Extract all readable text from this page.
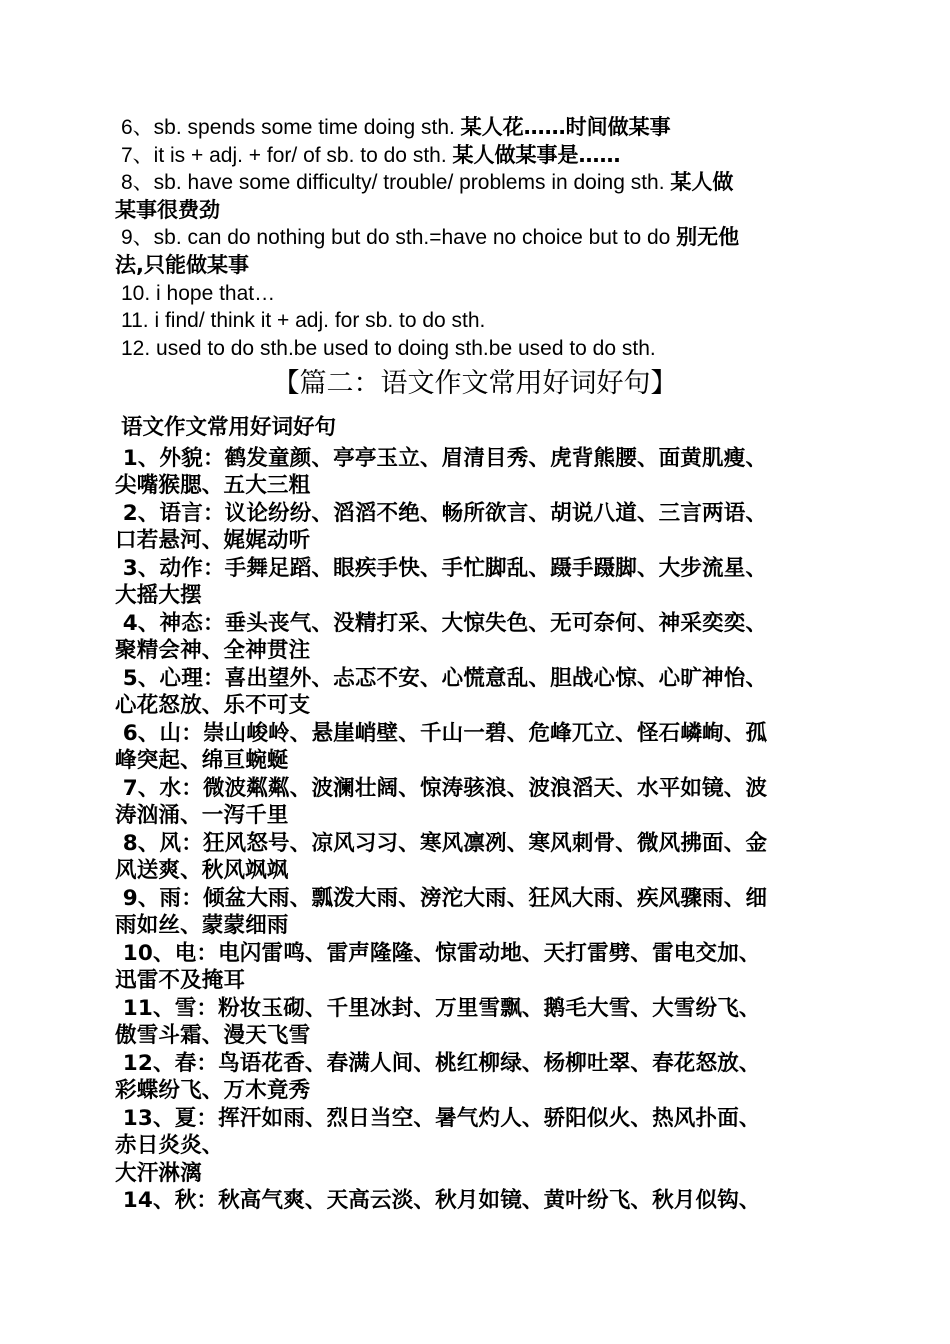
6、sb. spends some time doing sth. 某人花……时间做某事
7、it is + adj. + for/ of sb. to do sth. 某人做某事是……
8、sb. have some difficulty/ trouble/ problems in doing sth. 某人做
某事很费劲
9、sb. can do nothing but do sth.=have no choice but to do 别无他
法,只能做某事
10. i hope that…
11. i find/ think it + adj. for sb. to do sth.
12. used to do sth.be used to doing sth.be used to do sth.
【篇二：语文作文常用好词好句】
语文作文常用好词好句
1、外貌：鹤发童颜、亭亭玉立、眉清目秀、虎背熊腰、面黄肌瘦、
尖嘴猴腮、五大三粗
2、语言：议论纷纷、滔滔不绝、畅所欲言、胡说八道、三言两语、
口若悬河、娓娓动听
3、动作：手舞足蹈、眼疾手快、手忙脚乱、蹑手蹑脚、大步流星、
大摇大摆
4、神态：垂头丧气、没精打采、大惊失色、无可奈何、神采奕奕、
聚精会神、全神贯注
5、心理：喜出望外、忐忑不安、心慌意乱、胆战心惊、心旷神怡、
心花怒放、乐不可支
6、山：崇山峻岭、悬崖峭壁、千山一碧、危峰兀立、怪石嶙峋、孤
峰突起、绵亘蜿蜒
7、水：微波粼粼、波澜壮阔、惊涛骇浪、波浪滔天、水平如镜、波
涛汹涌、一泻千里
8、风：狂风怒号、凉风习习、寒风凛冽、寒风刺骨、微风拂面、金
风送爽、秋风飒飒
9、雨：倾盆大雨、瓢泼大雨、滂沱大雨、狂风大雨、疾风骤雨、细
雨如丝、蒙蒙细雨
10、电：电闪雷鸣、雷声隆隆、惊雷动地、天打雷劈、雷电交加、
迅雷不及掩耳
11、雪：粉妆玉砌、千里冰封、万里雪飘、鹅毛大雪、大雪纷飞、
傲雪斗霜、漫天飞雪
12、春：鸟语花香、春满人间、桃红柳绿、杨柳吐翠、春花怒放、
彩蝶纷飞、万木竟秀
13、夏：挥汗如雨、烈日当空、暑气灼人、骄阳似火、热风扑面、
赤日炎炎、
大汗淋漓
14、秋：秋高气爽、天高云淡、秋月如镜、黄叶纷飞、秋月似钩、
